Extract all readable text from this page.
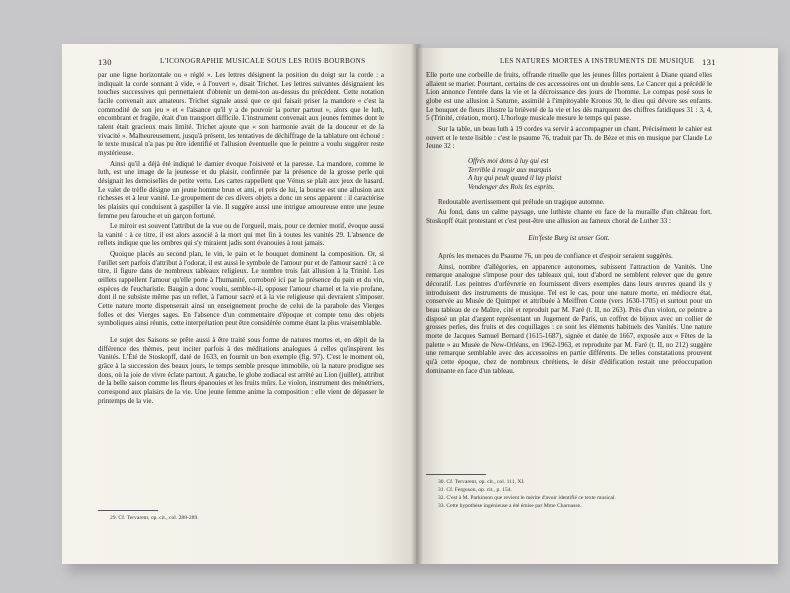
130	L'ICONOGRAPHIE MUSICALE SOUS LES ROIS BOURBONS

par une ligne horizontale ou « réglé ». Les lettres désignent la position du doigt sur la corde : a indiquait la corde sonnant à vide, « à l'ouvert », disait Trichet. Les lettres suivantes désignaient les touches successives qui permettaient d'obtenir un demi-ton au-dessus du précédent. Cette notation facile convenait aux amateurs. Trichet signale aussi que ce qui faisait priser la mandore « c'est la commodité de son jeu » et « l'aisance qu'il y a de pouvoir la porter partout », alors que le luth, encombrant et fragile, était d'un transport difficile. L'instrument convenait aux jeunes femmes dont le talent était gracieux mais limité. Trichet ajoute que « son harmonie avait de la douceur et de la vivacité ». Malheureusement, jusqu'à présent, les tentatives de déchiffrage de la tablature ont échoué : le texte musical n'a pas pu être identifié et l'allusion éventuelle que le peintre a voulu suggérer reste mystérieuse.

Ainsi qu'il a déjà été indiqué le damier évoque l'oisiveté et la paresse. La mandore, comme le luth, est une image de la jeunesse et du plaisir, confirmée par la présence de la grosse perle qui désignait les demoiselles de petite vertu. Les cartes rappellent que Vénus se plaît aux jeux de hasard. Le valet de trèfle désigne un jeune homme brun et ami, et près de lui, la bourse est une allusion aux richesses et à leur vanité. Le groupement de ces divers objets a donc un sens apparent : il caractérise les plaisirs qui conduisent à gaspiller la vie. Il suggère aussi une intrigue amoureuse entre une jeune femme peu farouche et un garçon fortuné.

Le miroir est souvent l'attribut de la vue ou de l'orgueil, mais, pour ce dernier motif, évoque aussi la vanité : à ce titre, il est alors associé à la mort qui met fin à toutes les vanités 29. L'absence de reflets indique que les ombres qui s'y miraient jadis sont évanouies à tout jamais.

Quoique placés au second plan, le vin, le pain et le bouquet dominent la composition. Or, si l'œillet sert parfois d'attribut à l'odorat, il est aussi le symbole de l'amour pur et de l'amour sacré : à ce titre, il figure dans de nombreux tableaux religieux. Le nombre trois fait allusion à la Trinité. Les œillets rappellent l'amour qu'elle porte à l'humanité, corroboré ici par la présence du pain et du vin, espèces de l'eucharistie. Baugin a donc voulu, semble-t-il, opposer l'amour charnel et la vie profane, dont il ne subsiste même pas un reflet, à l'amour sacré et à la vie religieuse qui devraient s'imposer. Cette nature morte dispenserait ainsi un enseignement proche de celui de la parabole des Vierges folles et des Vierges sages. En l'absence d'un commentaire d'époque et compte tenu des objets symboliques ainsi réunis, cette interprétation peut être considérée comme étant la plus vraisemblable.

Le sujet des Saisons se prête aussi à être traité sous forme de natures mortes et, en dépit de la différence des thèmes, peut inciter parfois à des méditations analogues à celles qu'inspirent les Vanités. L'Été de Stoskopff, daté de 1633, en fournit un bon exemple (fig. 97). C'est le moment où, grâce à la succession des beaux jours, le temps semble presque immobile, où la nature prodigue ses dons, où la joie de vivre éclate partout. A gauche, le globe zodiacal est arrêté au Lion (juillet), attribut de la belle saison comme les fleurs épanouies et les fruits mûrs. Le violon, instrument des ménétriers, correspond aux plaisirs de la vie. Une jeune femme anime la composition : elle vient de dépasser le printemps de la vie.

29. Cf. Tervarent, op. cit., col. 288-289.
LES NATURES MORTES A INSTRUMENTS DE MUSIQUE 131

Elle porte une corbeille de fruits, offrande rituelle que les jeunes filles portaient à Diane quand elles allaient se marier. Pourtant, certains de ces accessoires ont un double sens. Le Cancer qui a précédé le Lion annonce l'entrée dans la vie et la décroissance des jours de l'homme. Le compas posé sous le globe est une allusion à Saturne, assimilé à l'impitoyable Kronos 30, le dieu qui dévore ses enfants. Le bouquet de fleurs illustre la brièveté de la vie et les dés marquent des chiffres fatidiques 31 : 3, 4, 5 (Trinité, création, mort). L'horloge musicale mesure le temps qui passe.

Sur la table, un beau luth à 19 cordes va servir à accompagner un chant. Précisément le cahier est ouvert et le texte lisible : c'est le psaume 76, traduit par Th. de Bèze et mis en musique par Claude Le Jeune 32 :

Offrés moi dons à luy qui est
Terrible à rougir aux marquis
A luy qui peult quand il luy plaist
Vendenger des Rois les esprits.

Redoutable avertissement qui prélude un tragique automne.

Au fond, dans un calme paysage, une luthiste chante en face de la muraille d'un château fort. Stoskopff était protestant et c'est peut-être une allusion au fameux choral de Luther 33 :

Ein'feste Burg ist unser Gott.

Après les menaces du Psaume 76, un peu de confiance et d'espoir seraient suggérés.

Ainsi, nombre d'allégories, en apparence autonomes, subissent l'attraction de Vanités. Une remarque analogue s'impose pour des tableaux qui, tout d'abord ne semblent relever que du genre décoratif. Les peintres d'orfèvrerie en fournissent divers exemples dans leurs œuvres quand ils y introduisent des instruments de musique. Tel est le cas, pour une nature morte, en médiocre état, conservée au Musée de Quimper et attribuée à Meiffren Conte (vers 1630-1705) et surtout pour un beau tableau de ce Maître, cité et reproduit par M. Faré (t. II, no 263). Près d'un violon, ce peintre a disposé un plat d'argent représentant un Jugement de Paris, un coffret de bijoux avec un collier de grosses perles, des fruits et des coquillages : ce sont les éléments habituels des Vanités. Une nature morte de Jacques Samuel Bernard (1615-1687), signée et datée de 1667, exposée aux « Fêtes de la palette » au Musée de New-Orléans, en 1962-1963, et reproduite par M. Faré (t. II, no 212) suggère une remarque semblable avec des accessoires en partie différents. De telles constatations prouvent qu'à cette époque, chez de nombreux chrétiens, le désir d'édification restait une préoccupation dominante en face d'un tableau.

30. Cf. Tervarent, op. cit., col. 111, XI.
31. Cf. Ferguson, op. cit., p. 154.
32. C'est à M. Parkinson que revient le mérite d'avoir identifié ce texte musical.
33. Cette hypothèse ingénieuse a été émise par Mme Charnasse.
